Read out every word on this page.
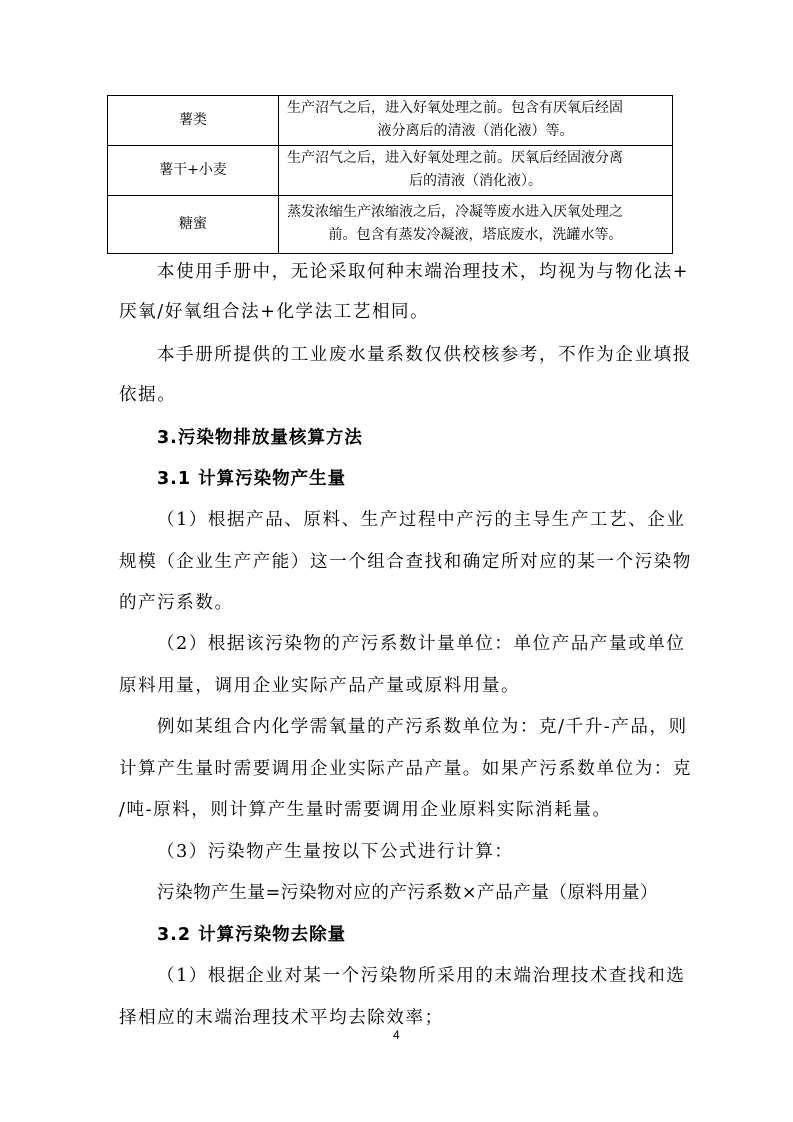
薯类	生产沼气之后，进入好氧处理之前。包含有厌氧后经固
液分离后的清液（消化液）等。

薯干+小麦	生产沼气之后，进入好氧处理之前。厌氧后经固液分离
后的清液（消化液）。

糖蜜	蒸发浓缩生产浓缩液之后，冷凝等废水进入厌氧处理之
前。包含有蒸发冷凝液，塔底废水，洗罐水等。
本使用手册中，无论采取何种末端治理技术，均视为与物化法+
厌氧/好氧组合法+化学法工艺相同。
本手册所提供的工业废水量系数仅供校核参考，不作为企业填报
依据。
3.污染物排放量核算方法
3.1 计算污染物产生量
（1）根据产品、原料、生产过程中产污的主导生产工艺、企业
规模（企业生产产能）这一个组合查找和确定所对应的某一个污染物
的产污系数。
（2）根据该污染物的产污系数计量单位：单位产品产量或单位
原料用量，调用企业实际产品产量或原料用量。
例如某组合内化学需氧量的产污系数单位为：克/千升-产品，则
计算产生量时需要调用企业实际产品产量。如果产污系数单位为：克
/吨-原料，则计算产生量时需要调用企业原料实际消耗量。
（3）污染物产生量按以下公式进行计算：
污染物产生量=污染物对应的产污系数×产品产量（原料用量）
3.2 计算污染物去除量
（1）根据企业对某一个污染物所采用的末端治理技术查找和选
择相应的末端治理技术平均去除效率；
4
